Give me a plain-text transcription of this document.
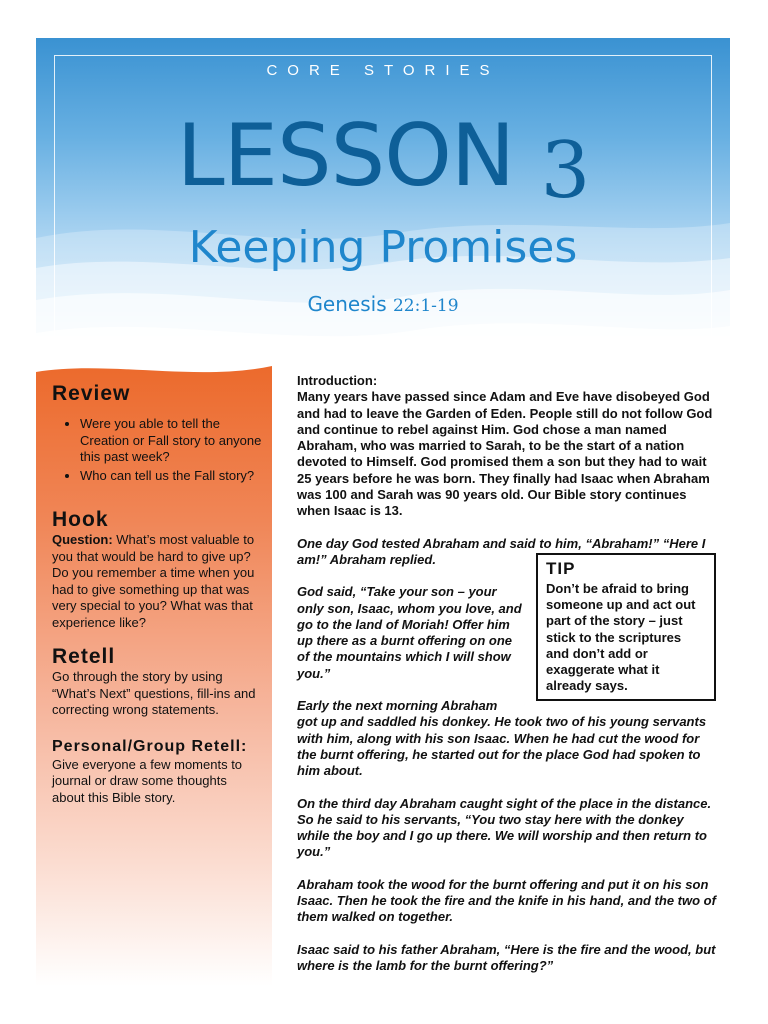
CORE STORIES
LESSON 3
Keeping Promises
Genesis 22:1-19
Review
• Were you able to tell the Creation or Fall story to anyone this past week?
• Who can tell us the Fall story?
Hook

Question: What’s most valuable to you that would be hard to give up? Do you remember a time when you had to give something up that was very special to you? What was that experience like?

Retell

Go through the story by using “What’s Next” questions, fill-ins and correcting wrong statements.

Personal/Group Retell:

Give everyone a few moments to journal or draw some thoughts about this Bible story.

Introduction:

Many years have passed since Adam and Eve have disobeyed God and had to leave the Garden of Eden. People still do not follow God and continue to rebel against Him. God chose a man named Abraham, who was married to Sarah, to be the start of a nation devoted to Himself. God promised them a son but they had to wait 25 years before he was born. They finally had Isaac when Abraham was 100 and Sarah was 90 years old. Our Bible story continues when Isaac is 13.

One day God tested Abraham and said to him, “Abraham!” “Here I am!” Abraham replied.

God said, “Take your son – your only son, Isaac, whom you love, and go to the land of Moriah! Offer him up there as a burnt offering on one of the mountains which I will show you.”

Early the next morning Abraham

got up and saddled his donkey. He took two of his young servants with him, along with his son Isaac. When he had cut the wood for the burnt offering, he started out for the place God had spoken to him about.

On the third day Abraham caught sight of the place in the distance. So he said to his servants, “You two stay here with the donkey while the boy and I go up there. We will worship and then return to you.”

Abraham took the wood for the burnt offering and put it on his son Isaac. Then he took the fire and the knife in his hand, and the two of them walked on together.

Isaac said to his father Abraham, “Here is the fire and the wood, but where is the lamb for the burnt offering?”

TIP

Don’t be afraid to bring someone up and act out part of the story – just stick to the scriptures and don’t add or exaggerate what it already says.
